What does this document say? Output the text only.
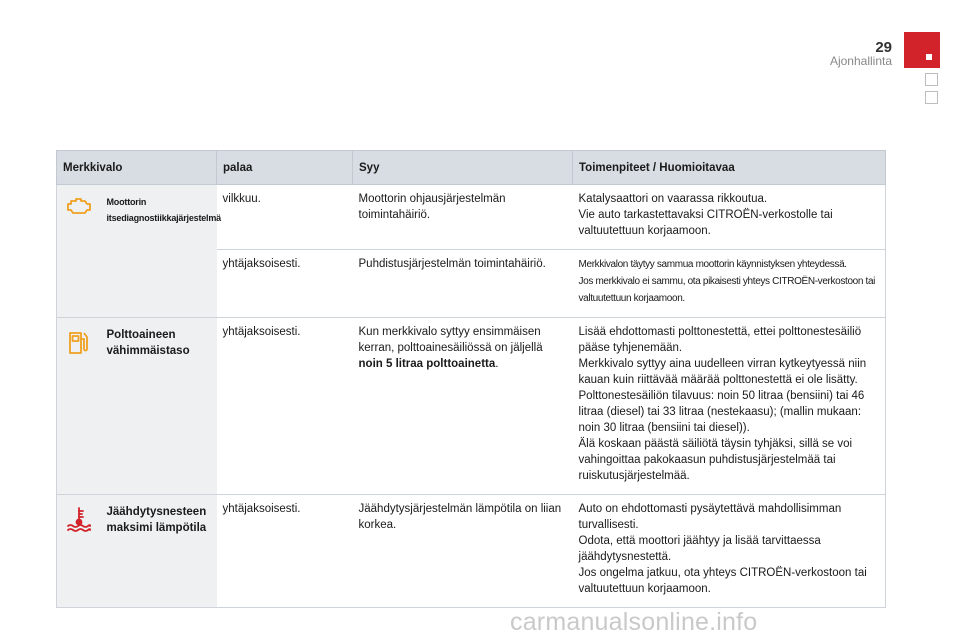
29
Ajonhallinta
Merkkivalo		palaa	Syy	Toimenpiteet / Huomioitavaa

	Moottorin itsediagnostiikkajärjestelmä	vilkkuu.	Moottorin ohjausjärjestelmän toimintahäiriö.	Katalysaattori on vaarassa rikkoutua.
Vie auto tarkastettavaksi CITROËN-verkostolle tai valtuutettuun korjaamoon.
		yhtäjaksoisesti.	Puhdistusjärjestelmän toimintahäiriö.	Merkkivalon täytyy sammua moottorin käynnistyksen yhteydessä.
Jos merkkivalo ei sammu, ota pikaisesti yhteys CITROËN-verkostoon tai valtuutettuun korjaamoon.

	Polttoaineen vähimmäistaso	yhtäjaksoisesti.	Kun merkkivalo syttyy ensimmäisen kerran, polttoainesäiliössä on jäljellä noin 5 litraa polttoainetta.	Lisää ehdottomasti polttonestettä, ettei polttonestesäiliö pääse tyhjenemään.
Merkkivalo syttyy aina uudelleen virran kytkeytyessä niin kauan kuin riittävää määrää polttonestettä ei ole lisätty.
Polttonestesäiliön tilavuus: noin 50 litraa (bensiini) tai 46 litraa (diesel) tai 33 litraa (nestekaasu); (mallin mukaan: noin 30 litraa (bensiini tai diesel)).
Älä koskaan päästä säiliötä täysin tyhjäksi, sillä se voi vahingoittaa pakokaasun puhdistusjärjestelmää tai ruiskutusjärjestelmää.

	Jäähdytysnesteen maksimi lämpötila	yhtäjaksoisesti.	Jäähdytysjärjestelmän lämpötila on liian korkea.	Auto on ehdottomasti pysäytettävä mahdollisimman turvallisesti.
Odota, että moottori jäähtyy ja lisää tarvittaessa jäähdytysnestettä.
Jos ongelma jatkuu, ota yhteys CITROËN-verkostoon tai valtuutettuun korjaamoon.
carmanualsonline.info
